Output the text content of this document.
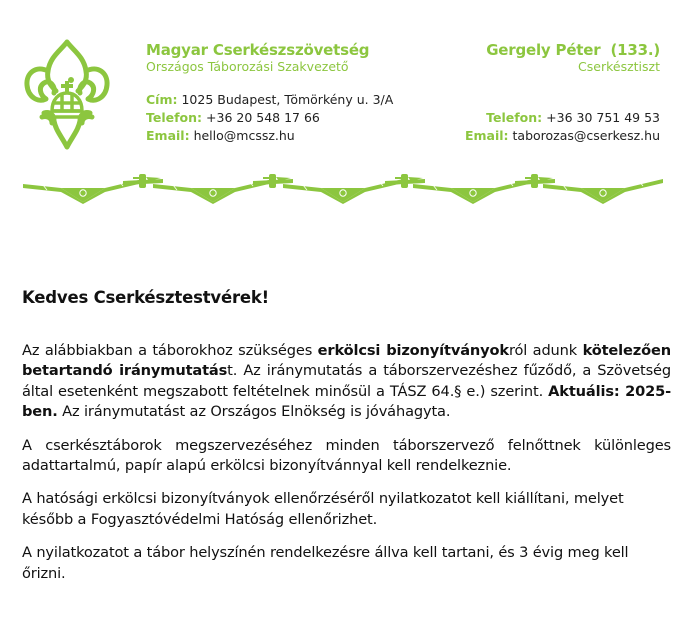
Magyar Cserkészszövetség
Országos Táborozási Szakvezető
Cím: 1025 Budapest, Tömörkény u. 3/A
Telefon: +36 20 548 17 66
Email: hello@mcssz.hu
Gergely Péter  (133.)
Cserkésztiszt
Telefon: +36 30 751 49 53
Email: taborozas@cserkesz.hu
Kedves Cserkésztestvérek!

Az alábbiakban a táborokhoz szükséges erkölcsi bizonyítványokról adunk kötelezően betartandó iránymutatást. Az iránymutatás a táborszervezéshez fűződő, a Szövetség által esetenként megszabott feltételnek minősül a TÁSZ 64.§ e.) szerint. Aktuális: 2025-ben. Az iránymutatást az Országos Elnökség is jóváhagyta.

A cserkésztáborok megszervezéséhez minden táborszervező felnőttnek különleges adattartalmú, papír alapú erkölcsi bizonyítvánnyal kell rendelkeznie.

A hatósági erkölcsi bizonyítványok ellenőrzéséről nyilatkozatot kell kiállítani, melyet később a Fogyasztóvédelmi Hatóság ellenőrizhet.

A nyilatkozatot a tábor helyszínén rendelkezésre állva kell tartani, és 3 évig meg kell őrizni.
